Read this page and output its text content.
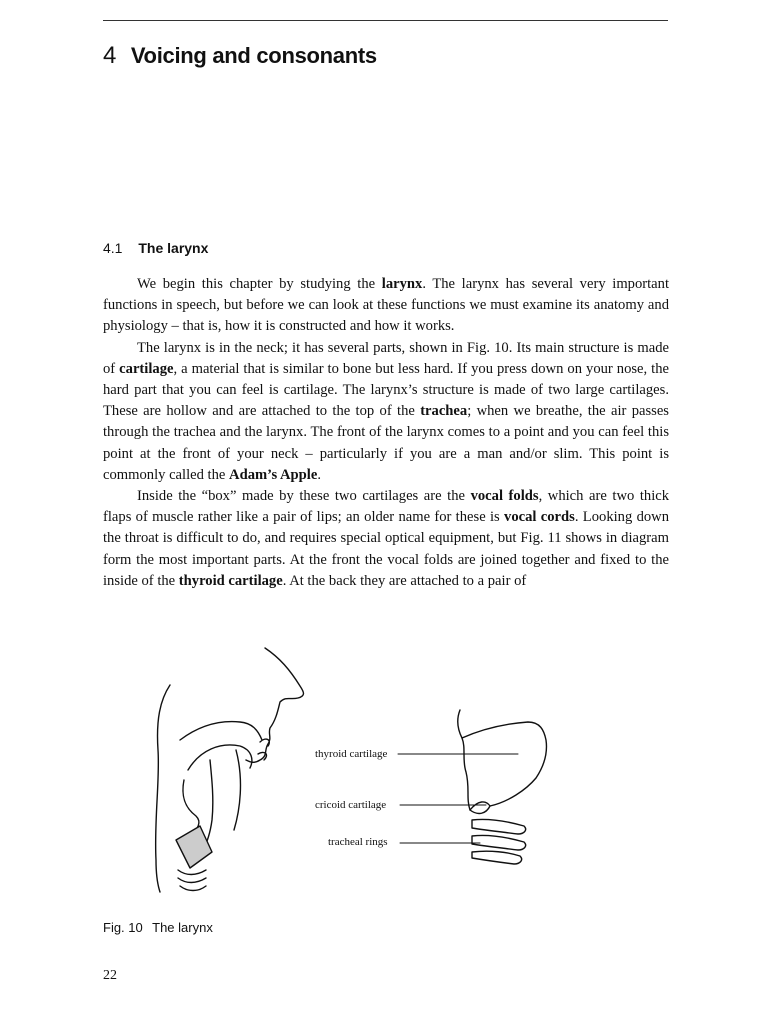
4 Voicing and consonants
4.1 The larynx

We begin this chapter by studying the larynx. The larynx has several very important functions in speech, but before we can look at these functions we must examine its anatomy and physiology – that is, how it is constructed and how it works.

The larynx is in the neck; it has several parts, shown in Fig. 10. Its main structure is made of cartilage, a material that is similar to bone but less hard. If you press down on your nose, the hard part that you can feel is cartilage. The larynx’s structure is made of two large cartilages. These are hollow and are attached to the top of the trachea; when we breathe, the air passes through the trachea and the larynx. The front of the larynx comes to a point and you can feel this point at the front of your neck – particularly if you are a man and/or slim. This point is commonly called the Adam’s Apple.

Inside the “box” made by these two cartilages are the vocal folds, which are two thick flaps of muscle rather like a pair of lips; an older name for these is vocal cords. Looking down the throat is difficult to do, and requires special optical equipment, but Fig. 11 shows in diagram form the most important parts. At the front the vocal folds are joined together and fixed to the inside of the thyroid cartilage. At the back they are attached to a pair of

thyroid cartilage
cricoid cartilage
tracheal rings
Fig. 10 The larynx
22
